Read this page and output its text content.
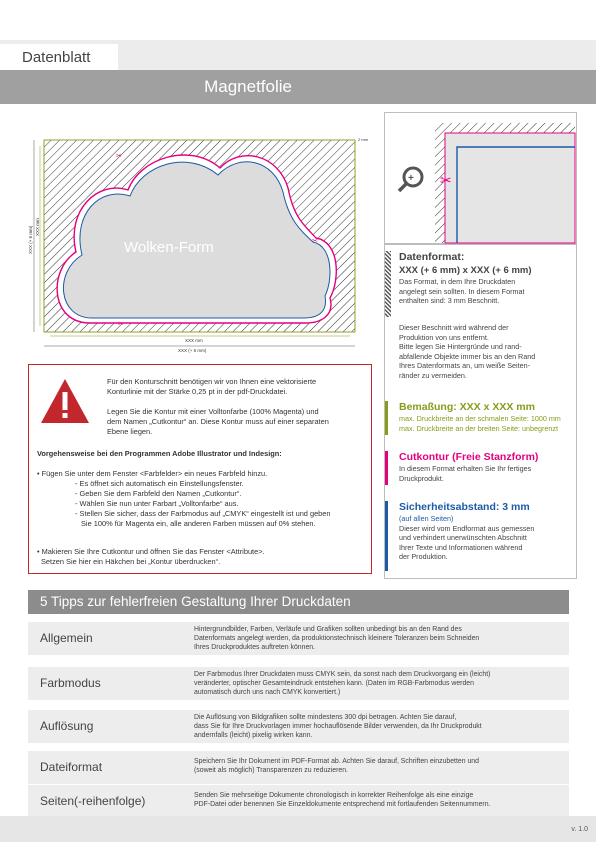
Datenblatt
Magnetfolie
Wolken-Form
2 mm
XXX mm
XXX (+ 6 mm)
XXX (+ 6 mm) XXX mm
✂
✂
✂
+ ✂
Datenformat:
XXX (+ 6 mm) x XXX (+ 6 mm)
Das Format, in dem Ihre Druckdaten
angelegt sein sollten. In diesem Format
enthalten sind: 3 mm Beschnitt.
Dieser Beschnitt wird während der
Produktion von uns entfernt.
Bitte legen Sie Hintergründe und rand-
abfallende Objekte immer bis an den Rand
Ihres Datenformats an, um weiße Seiten-
ränder zu vermeiden.
Bemaßung: XXX x XXX mm
max. Druckbreite an der schmalen Seite: 1000 mm
max. Druckbreite an der breiten Seite: unbegrenzt
Cutkontur (Freie Stanzform)
In diesem Format erhalten Sie Ihr fertiges
Druckprodukt.
Sicherheitsabstand: 3 mm
(auf allen Seiten)
Dieser wird vom Endformat aus gemessen
und verhindert unerwünschten Abschnitt
Ihrer Texte und Informationen während
der Produktion.
Für den Konturschnitt benötigen wir von Ihnen eine vektorisierte
Konturlinie mit der Stärke 0,25 pt in der pdf-Druckdatei.
Legen Sie die Kontur mit einer Volltonfarbe (100% Magenta) und
dem Namen „Cutkontur“ an. Diese Kontur muss auf einer separaten
Ebene liegen.
Vorgehensweise bei den Programmen Adobe Illustrator und Indesign:
• Fügen Sie unter dem Fenster <Farbfelder> ein neues Farbfeld hinzu.
- Es öffnet sich automatisch ein Einstellungsfenster.
- Geben Sie dem Farbfeld den Namen „Cutkontur“.
- Wählen Sie nun unter Farbart „Volltonfarbe“ aus.
- Stellen Sie sicher, dass der Farbmodus auf „CMYK“ eingestellt ist und geben
Sie 100% für Magenta ein, alle anderen Farben müssen auf 0% stehen.
• Makieren Sie Ihre Cutkontur und öffnen Sie das Fenster <Attribute>.
Setzen Sie hier ein Häkchen bei „Kontur überdrucken“.
5 Tipps zur fehlerfreien Gestaltung Ihrer Druckdaten
Allgemein
Hintergrundbilder, Farben, Verläufe und Grafiken sollten unbedingt bis an den Rand des
Datenformats angelegt werden, da produktionstechnisch kleinere Toleranzen beim Schneiden
Ihres Druckproduktes auftreten können.
Farbmodus
Der Farbmodus Ihrer Druckdaten muss CMYK sein, da sonst nach dem Druckvorgang ein (leicht)
veränderter, optischer Gesamteindruck entstehen kann. (Daten im RGB-Farbmodus werden
automatisch durch uns nach CMYK konvertiert.)
Auflösung
Die Auflösung von Bildgrafiken sollte mindestens 300 dpi betragen. Achten Sie darauf,
dass Sie für Ihre Druckvorlagen immer hochauflösende Bilder verwenden, da Ihr Druckprodukt
andernfalls (leicht) pixelig wirken kann.
Dateiformat	Speichern Sie Ihr Dokument im PDF-Format ab. Achten Sie darauf, Schriften einzubetten und
(soweit als möglich) Transparenzen zu reduzieren.
Seiten(-reihenfolge)	Senden Sie mehrseitige Dokumente chronologisch in korrekter Reihenfolge als eine einzige
PDF-Datei oder benennen Sie Einzeldokumente entsprechend mit fortlaufenden Seitennummern.
v. 1.0
